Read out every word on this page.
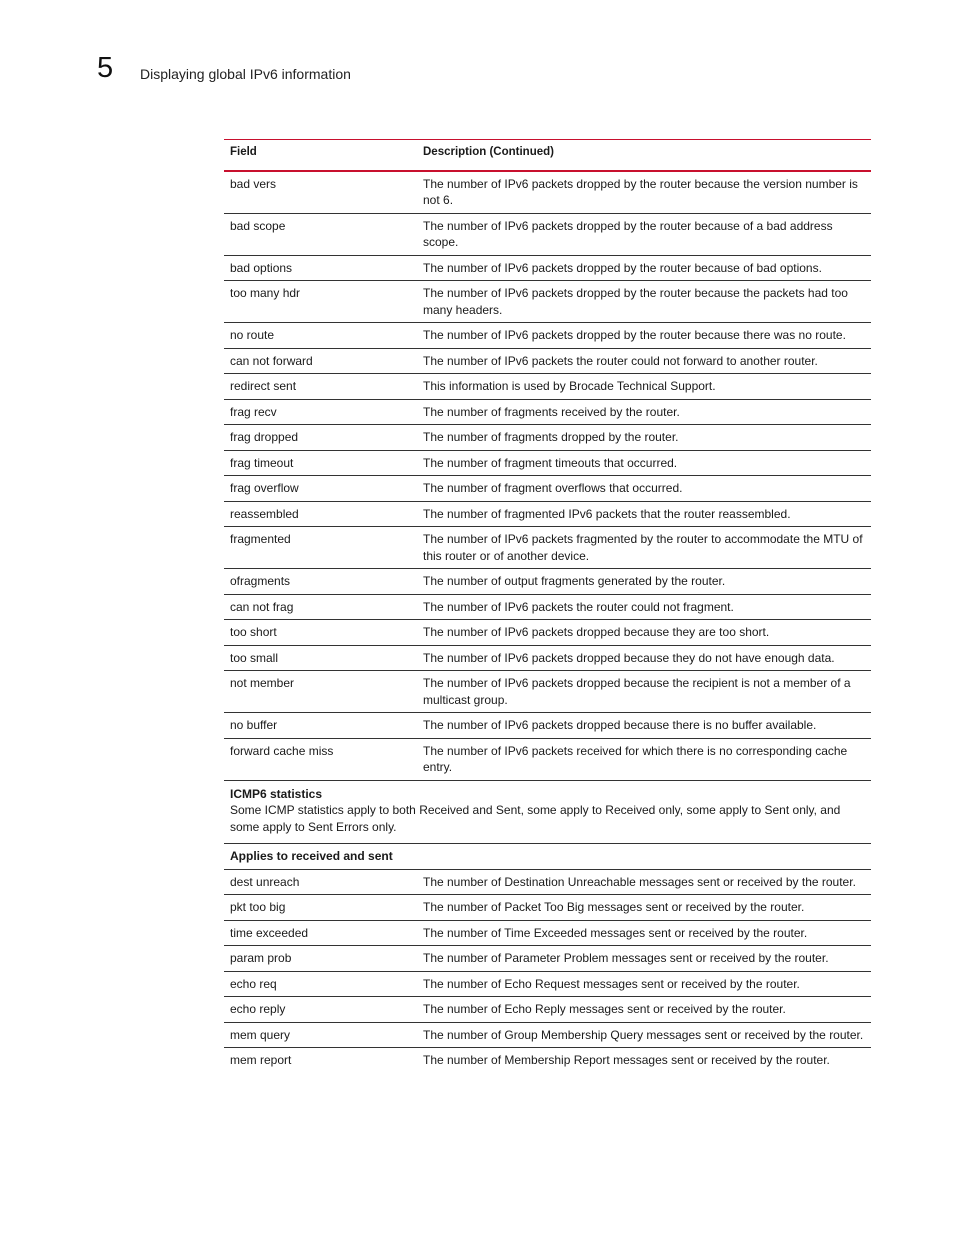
5 Displaying global IPv6 information
Field	Description (Continued)
bad vers	The number of IPv6 packets dropped by the router because the version number is not 6.
bad scope	The number of IPv6 packets dropped by the router because of a bad address scope.
bad options	The number of IPv6 packets dropped by the router because of bad options.
too many hdr	The number of IPv6 packets dropped by the router because the packets had too many headers.
no route	The number of IPv6 packets dropped by the router because there was no route.
can not forward	The number of IPv6 packets the router could not forward to another router.
redirect sent	This information is used by Brocade Technical Support.
frag recv	The number of fragments received by the router.
frag dropped	The number of fragments dropped by the router.
frag timeout	The number of fragment timeouts that occurred.
frag overflow	The number of fragment overflows that occurred.
reassembled	The number of fragmented IPv6 packets that the router reassembled.
fragmented	The number of IPv6 packets fragmented by the router to accommodate the MTU of this router or of another device.
ofragments	The number of output fragments generated by the router.
can not frag	The number of IPv6 packets the router could not fragment.
too short	The number of IPv6 packets dropped because they are too short.
too small	The number of IPv6 packets dropped because they do not have enough data.
not member	The number of IPv6 packets dropped because the recipient is not a member of a multicast group.
no buffer	The number of IPv6 packets dropped because there is no buffer available.
forward cache miss	The number of IPv6 packets received for which there is no corresponding cache entry.

ICMP6 statistics
Some ICMP statistics apply to both Received and Sent, some apply to Received only, some apply to Sent only, and some apply to Sent Errors only.	

Applies to received and sent	
dest unreach	The number of Destination Unreachable messages sent or received by the router.
pkt too big	The number of Packet Too Big messages sent or received by the router.
time exceeded	The number of Time Exceeded messages sent or received by the router.
param prob	The number of Parameter Problem messages sent or received by the router.
echo req	The number of Echo Request messages sent or received by the router.
echo reply	The number of Echo Reply messages sent or received by the router.
mem query	The number of Group Membership Query messages sent or received by the router.
mem report	The number of Membership Report messages sent or received by the router.
